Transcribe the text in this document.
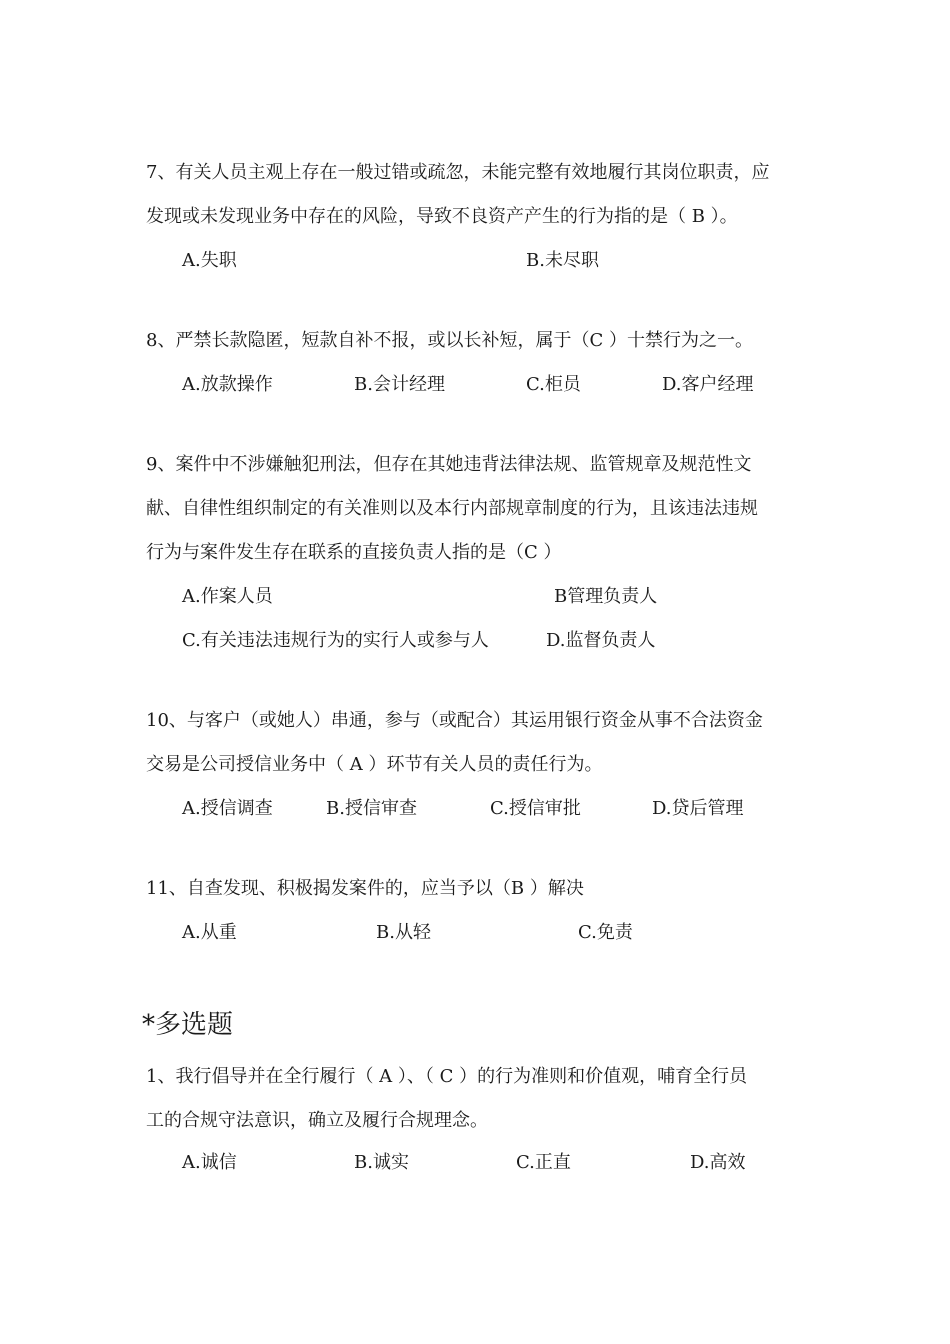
7、有关人员主观上存在一般过错或疏忽，未能完整有效地履行其岗位职责，应
发现或未发现业务中存在的风险，导致不良资产产生的行为指的是（ B ）。
A.失职	B.未尽职
8、严禁长款隐匿，短款自补不报，或以长补短，属于（C ）十禁行为之一。
A.放款操作	B.会计经理	C.柜员	D.客户经理
9、案件中不涉嫌触犯刑法，但存在其她违背法律法规、监管规章及规范性文
献、自律性组织制定的有关准则以及本行内部规章制度的行为，且该违法违规
行为与案件发生存在联系的直接负责人指的是（C ）
A.作案人员	B管理负责人
C.有关违法违规行为的实行人或参与人	D.监督负责人
10、与客户（或她人）串通，参与（或配合）其运用银行资金从事不合法资金
交易是公司授信业务中（ A ）环节有关人员的责任行为。
A.授信调查	B.授信审查	C.授信审批	D.贷后管理
11、自查发现、积极揭发案件的，应当予以（B ）解决
A.从重	B.从轻	C.免责
*多选题
1、我行倡导并在全行履行（ A ）、（ C ）的行为准则和价值观，哺育全行员
工的合规守法意识，确立及履行合规理念。
A.诚信	B.诚实	C.正直	D.高效
